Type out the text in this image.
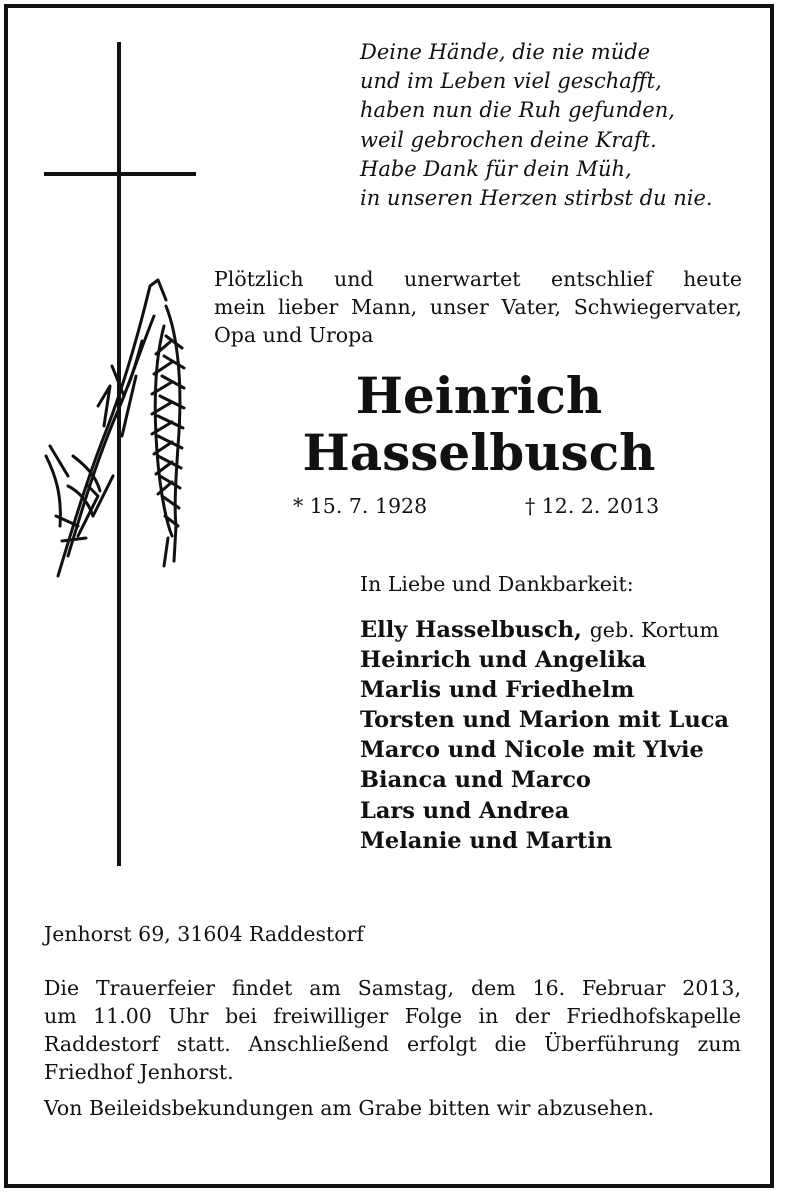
Deine Hände, die nie müde
und im Leben viel geschafft,
haben nun die Ruh gefunden,
weil gebrochen deine Kraft.
Habe Dank für dein Müh,
in unseren Herzen stirbst du nie.
Plötzlich und unerwartet entschlief heute
mein lieber Mann, unser Vater, Schwiegervater,
Opa und Uropa
Heinrich
Hasselbusch
* 15. 7. 1928	† 12. 2. 2013
In Liebe und Dankbarkeit:
Elly Hasselbusch, geb. Kortum
Heinrich und Angelika
Marlis und Friedhelm
Torsten und Marion mit Luca
Marco und Nicole mit Ylvie
Bianca und Marco
Lars und Andrea
Melanie und Martin
Jenhorst 69, 31604 Raddestorf
Die Trauerfeier findet am Samstag, dem 16. Februar 2013,
um 11.00 Uhr bei freiwilliger Folge in der Friedhofskapelle
Raddestorf statt. Anschließend erfolgt die Überführung zum
Friedhof Jenhorst.
Von Beileidsbekundungen am Grabe bitten wir abzusehen.
